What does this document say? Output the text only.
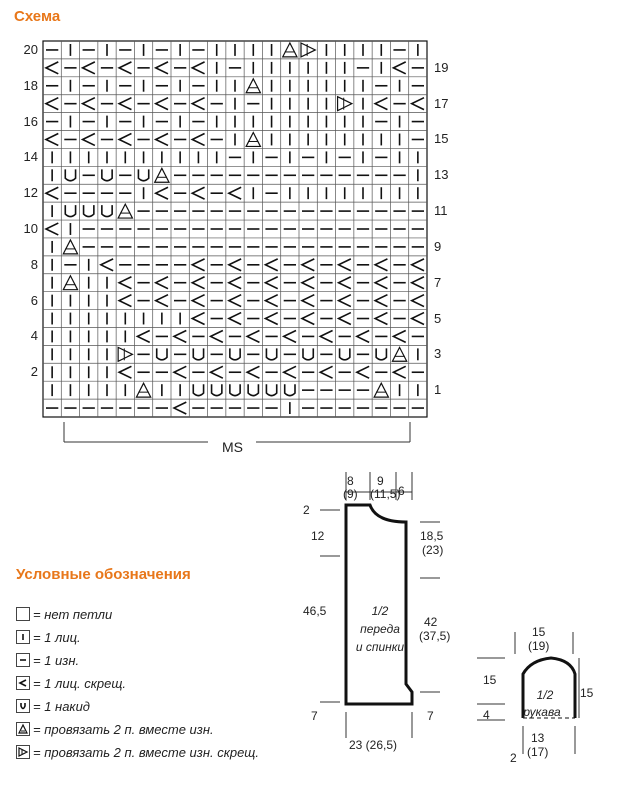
Схема
20
18
16
14
12
10
8
6
4
2
19
17
15
13
11
9
7
5
3
1
MS
Условные обозначения
= нет петли
= 1 лиц.
= 1 изн.
= 1 лиц. скрещ.
= 1 накид
= провязать 2 п. вместе изн.
= провязать 2 п. вместе изн. скрещ.
8
(9)
9
(11,5)
6
2
12
46,5
7
18,5
(23)
42
(37,5)
7
23 (26,5)
1/2
переда
и спинки
15
(19)
15
4
15
13
(17)
2
1/2
рукава
